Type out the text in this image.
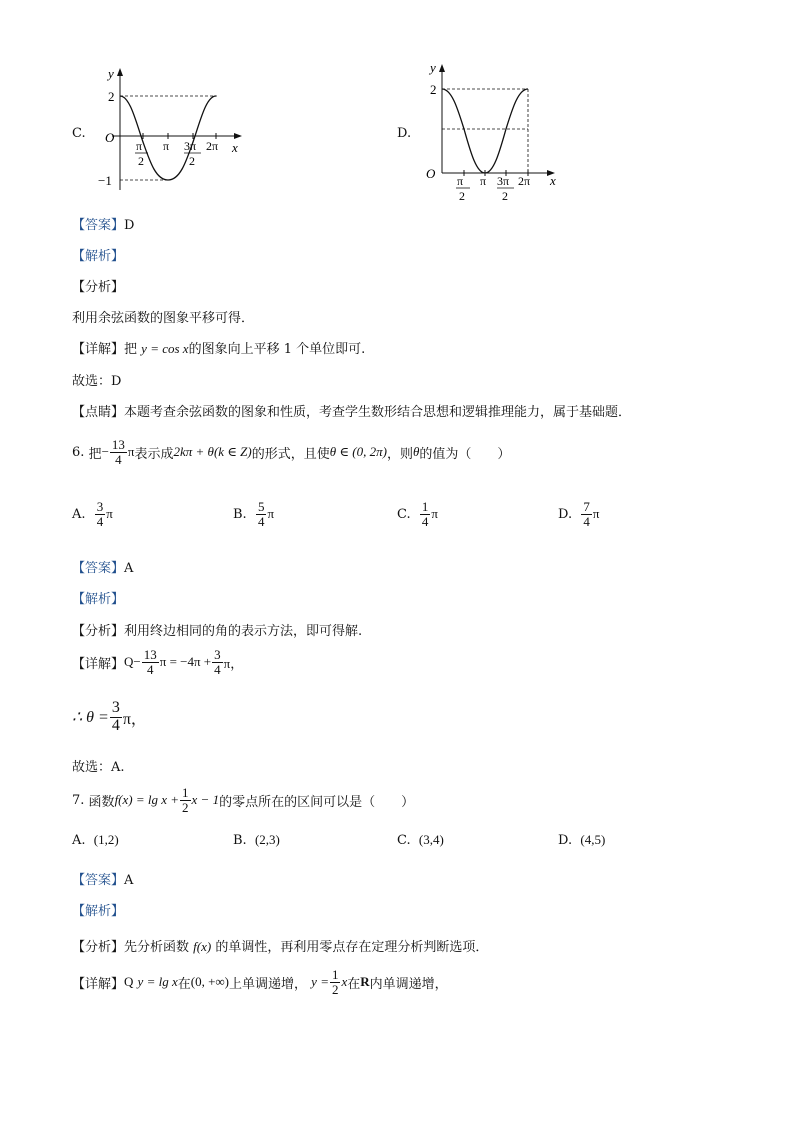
C.
y
2
O
−1
x
π
2
π 3π
2
2π
D.
y
2
O	x
π
2
π 3π
2
2π
【答案】D
【解析】
【分析】
利用余弦函数的图象平移可得．
【详解】把 y = cos x的图象向上平移 1 个单位即可.
故选：D
【点睛】本题考查余弦函数的图象和性质，考查学生数形结合思想和逻辑推理能力，属于基础题．
6.
把 − $\frac{13}{4}$ π 表示成 2kπ + θ(k ∈ Z) 的形式，且使 θ ∈ (0, 2π) ，则 θ 的值为（　　）
A.
$\frac{3}{4}$ π	B.
$\frac{5}{4}$ π	C.
$\frac{1}{4}$ π	D.
$\frac{7}{4}$ π
【答案】A
【解析】
【分析】利用终边相同的角的表示方法，即可得解.
【详解】 $Q - \frac{13}{4}$ $\pi = -4\pi + \frac{3}{4}$ π，
∴ $\theta = \frac{3}{4}$ π，
故选：A.
7.
函数 $f(x) = \lg x + \frac{1}{2}$ x − 1 的零点所在的区间可以是（　　）
A. (1,2)	B. (2,3)	C. (3,4)	D. (4,5)
【答案】A
【解析】
【分析】先分析函数 f(x) 的单调性，再利用零点存在定理分析判断选项．
【详解】 Q
y = lg x 在 (0, +∞) 上单调递增，
$y = \frac{1}{2}$ x 在 R 内单调递增，
